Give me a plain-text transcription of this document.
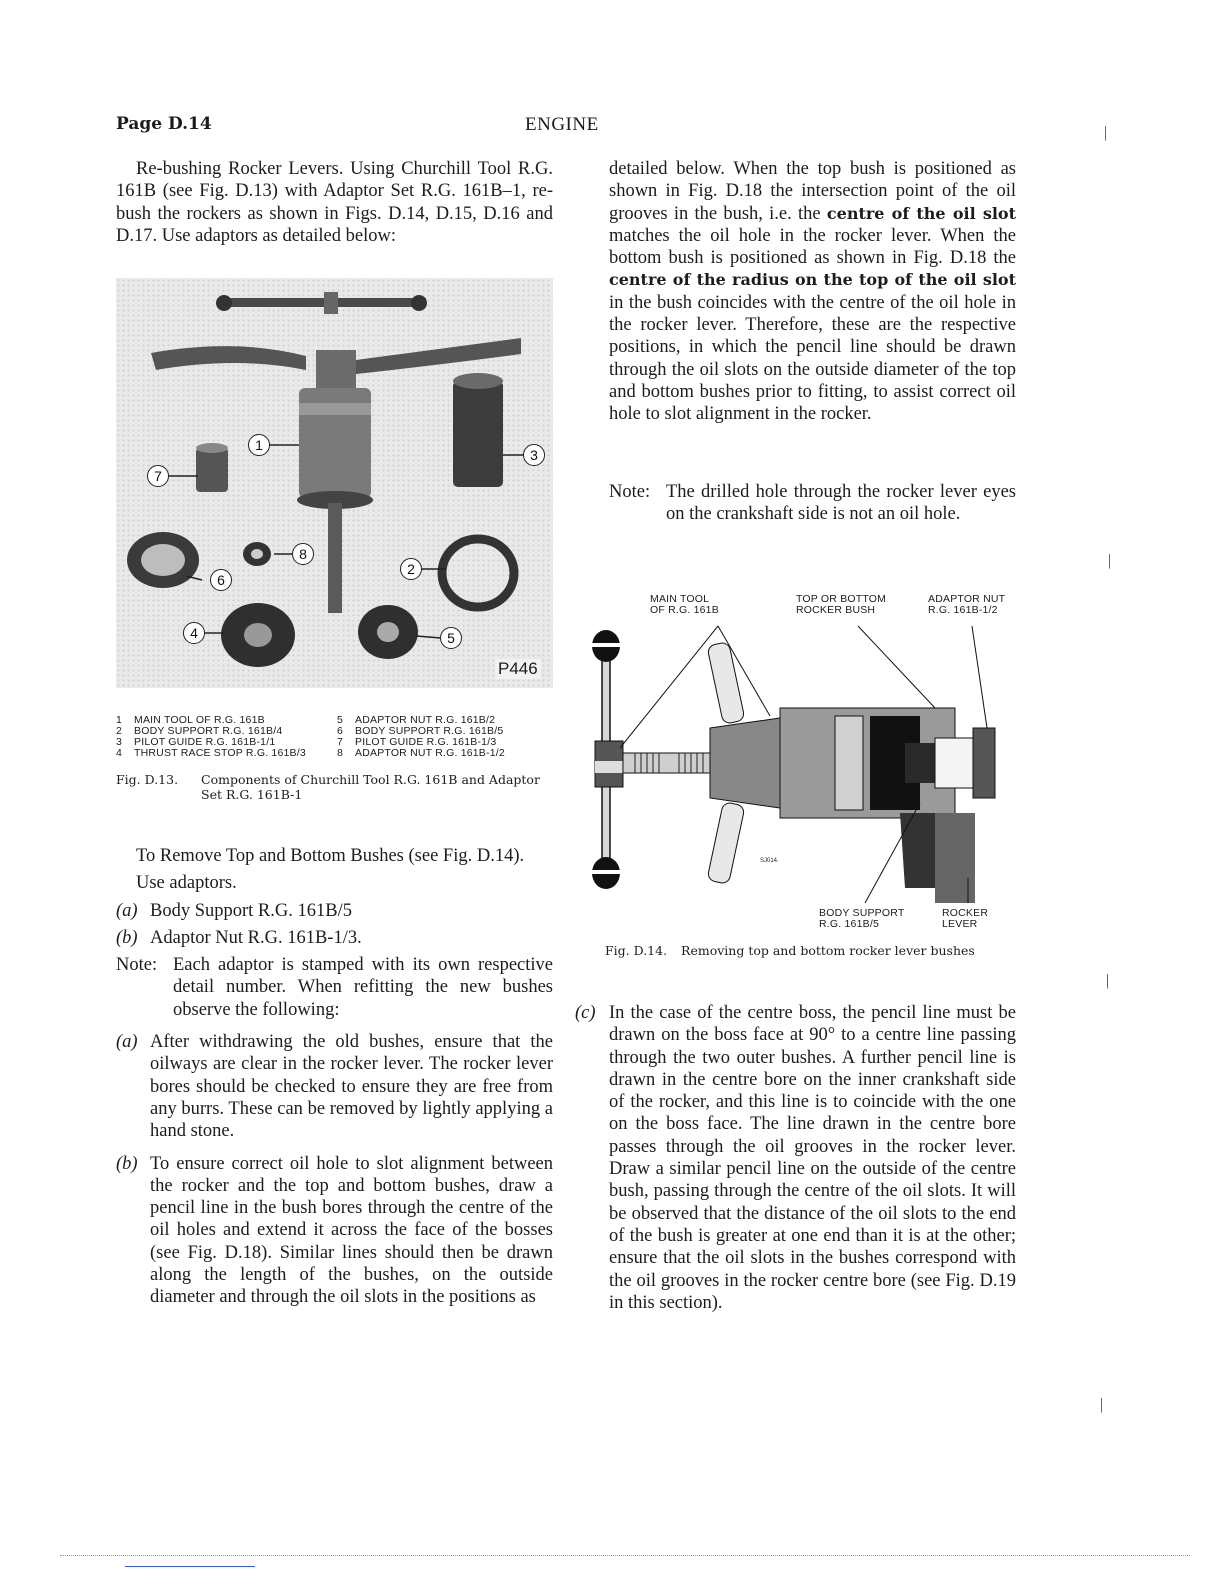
Page D.14	ENGINE
Re-bushing Rocker Levers. Using Churchill Tool R.G. 161B (see Fig. D.13) with Adaptor Set R.G. 161B–1, re-bush the rockers as shown in Figs. D.14, D.15, D.16 and D.17. Use adaptors as detailed below:
1
2
3
4	5
6
7
8
P446
1	MAIN TOOL OF R.G. 161B	5	ADAPTOR NUT R.G. 161B/2
2	BODY SUPPORT R.G. 161B/4	6	BODY SUPPORT R.G. 161B/5
3	PILOT GUIDE R.G. 161B-1/1	7	PILOT GUIDE R.G. 161B-1/3
4	THRUST RACE STOP R.G. 161B/3	8	ADAPTOR NUT R.G. 161B-1/2
Fig. D.13. Components of Churchill Tool R.G. 161B and Adaptor Set R.G. 161B-1

To Remove Top and Bottom Bushes (see Fig. D.14).

Use adaptors.

(a) Body Support R.G. 161B/5

(b) Adaptor Nut R.G. 161B-1/3.

Note: Each adaptor is stamped with its own respective detail number. When refitting the new bushes observe the following:

(a) After withdrawing the old bushes, ensure that the oilways are clear in the rocker lever. The rocker lever bores should be checked to ensure they are free from any burrs. These can be removed by lightly applying a hand stone.

(b) To ensure correct oil hole to slot alignment between the rocker and the top and bottom bushes, draw a pencil line in the bush bores through the centre of the oil holes and extend it across the face of the bosses (see Fig. D.18). Similar lines should then be drawn along the length of the bushes, on the outside diameter and through the oil slots in the positions as

detailed below. When the top bush is positioned as shown in Fig. D.18 the intersection point of the oil grooves in the bush, i.e. the centre of the oil slot matches the oil hole in the rocker lever. When the bottom bush is positioned as shown in Fig. D.18 the centre of the radius on the top of the oil slot in the bush coincides with the centre of the oil hole in the rocker lever. Therefore, these are the respective positions, in which the pencil line should be drawn through the oil slots on the outside diameter of the top and bottom bushes prior to fitting, to assist correct oil hole to slot alignment in the rocker.

Note: The drilled hole through the rocker lever eyes on the crankshaft side is not an oil hole.

MAIN TOOL
OF R.G. 161B
TOP OR BOTTOM
ROCKER BUSH
ADAPTOR NUT
R.G. 161B-1/2
SJ014.
BODY SUPPORT
R.G. 161B/5
ROCKER
LEVER
Fig. D.14. Removing top and bottom rocker lever bushes

(c) In the case of the centre boss, the pencil line must be drawn on the boss face at 90° to a centre line passing through the two outer bushes. A further pencil line is drawn in the centre bore on the inner crankshaft side of the rocker, and this line is to coincide with the one on the boss face. The line drawn in the centre bore passes through the oil grooves in the rocker lever. Draw a similar pencil line on the outside of the centre bush, passing through the centre of the oil slots. It will be observed that the distance of the oil slots to the end of the bush is greater at one end than it is at the other; ensure that the oil slots in the bushes correspond with the oil grooves in the rocker centre bore (see Fig. D.19 in this section).

|
|
|
|
